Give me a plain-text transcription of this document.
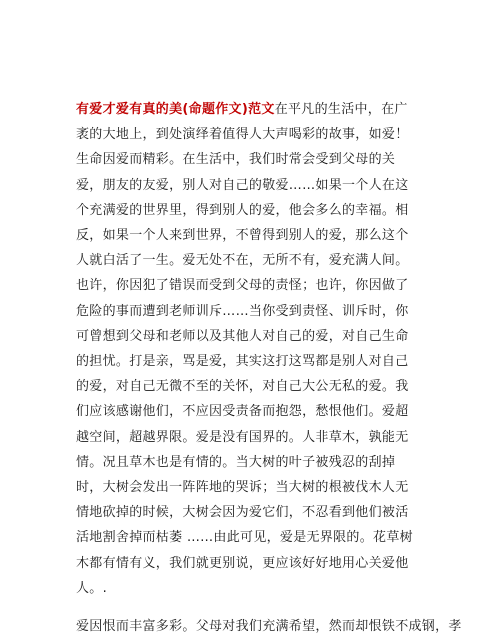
有爱才爱有真的美(命题作文)范文在平凡的生活中，在广袤的大地上，到处演绎着值得人大声喝彩的故事，如爱！生命因爱而精彩。在生活中，我们时常会受到父母的关爱，朋友的友爱，别人对自己的敬爱……如果一个人在这个充满爱的世界里，得到别人的爱，他会多么的幸福。相反，如果一个人来到世界，不曾得到别人的爱，那么这个人就白活了一生。爱无处不在，无所不有，爱充满人间。也许，你因犯了错误而受到父母的责怪；也许，你因做了危险的事而遭到老师训斥……当你受到责怪、训斥时，你可曾想到父母和老师以及其他人对自己的爱，对自己生命的担忧。打是亲，骂是爱，其实这打这骂都是别人对自己的爱，对自己无微不至的关怀，对自己大公无私的爱。我们应该感谢他们，不应因受责备而抱怨，愁恨他们。爱超越空间，超越界限。爱是没有国界的。人非草木，孰能无情。况且草木也是有情的。当大树的叶子被残忍的刮掉时，大树会发出一阵阵地的哭诉；当大树的根被伐木人无情地砍掉的时候，大树会因为爱它们，不忍看到他们被活活地割舍掉而枯萎 ……由此可见，爱是无界限的。花草树木都有情有义，我们就更别说，更应该好好地用心关爱他人。.

爱因恨而丰富多彩。父母对我们充满希望，然而却恨铁不成钢，孝
